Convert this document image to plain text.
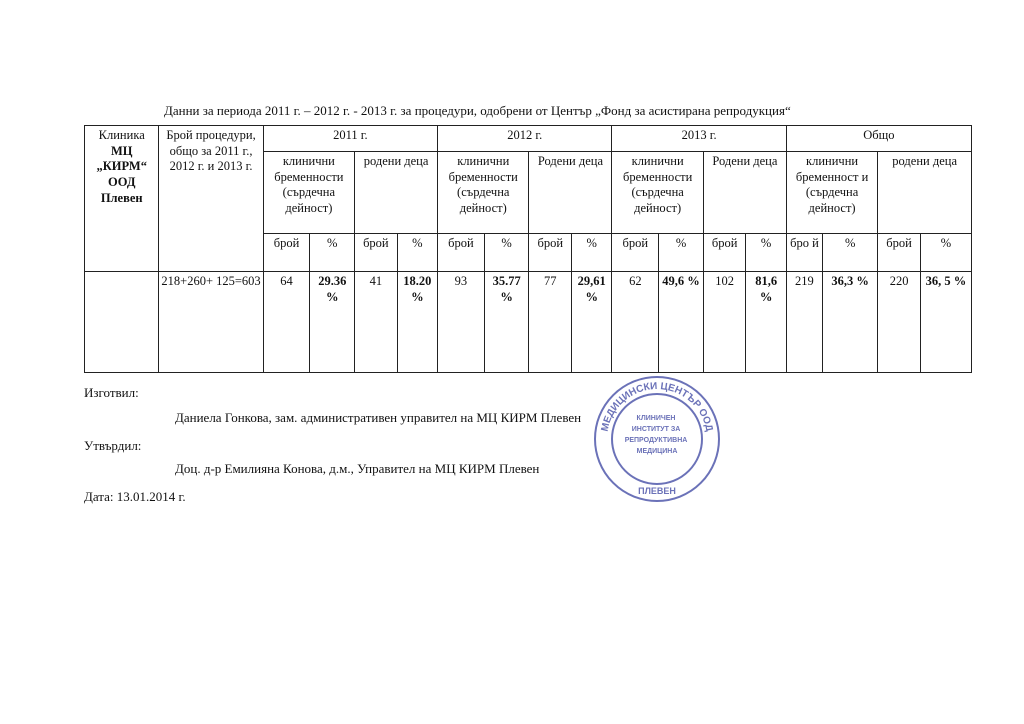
Данни за периода 2011 г. – 2012 г. - 2013 г. за процедури, одобрени от Център „Фонд за асистирана репродукция“
Клиника
МЦ „КИРМ“ ООД Плевен	Брой процедури, общо за 2011 г., 2012 г. и 2013 г.	2011 г.				2012 г.				2013 г.				Общо			
		клинични бременности (сърдечна дейност)		родени деца		клинични бременности (сърдечна дейност)		Родени деца		клинични бременности (сърдечна дейност)		Родени деца		клинични бременност и (сърдечна дейност)		родени деца	
		брой	%	брой	%	брой	%	брой	%	брой	%	брой	%	бро й	%	брой	%
	218+260+ 125=603	64	29.36 %	41	18.20 %	93	35.77 %	77	29,61 %	62	49,6 %	102	81,6 %	219	36,3 %	220	36, 5 %
Изготвил:
Даниела Гонкова, зам. административен управител на МЦ КИРМ Плевен
Утвърдил:
Доц. д-р Емилияна Конова, д.м., Управител на МЦ КИРМ Плевен
Дата: 13.01.2014 г.
МЕДИЦИНСКИ ЦЕНТЪР ООД
КЛИНИЧЕН ИНСТИТУТ ЗА РЕПРОДУКТИВНА МЕДИЦИНА
ПЛЕВЕН
